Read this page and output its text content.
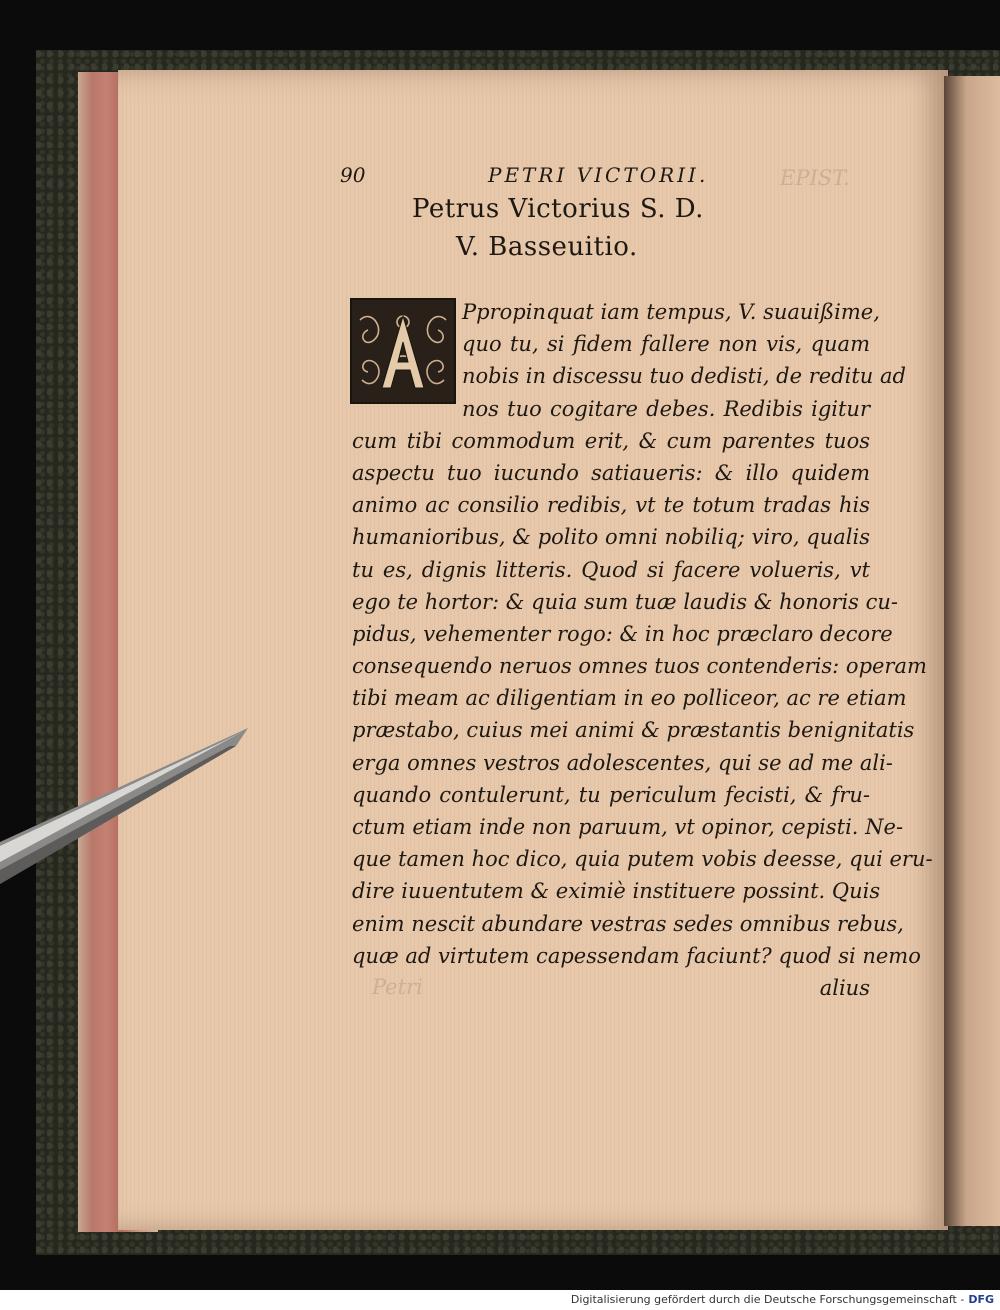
EPIST.
Petri
90	PETRI VICTORII.
Petrus Victorius S. D.
V. Basseuitio.
Ppropinquat iam tempus, V. suauißime,
quo tu, si fidem fallere non vis, quam
nobis in discessu tuo dedisti, de reditu ad
nos tuo cogitare debes. Redibis igitur
cum tibi commodum erit, & cum parentes tuos
aspectu tuo iucundo satiaueris: & illo quidem
animo ac consilio redibis, vt te totum tradas his
humanioribus, & polito omni nobiliq; viro, qualis
tu es, dignis litteris. Quod si facere volueris, vt
ego te hortor: & quia sum tuæ laudis & honoris cu-
pidus, vehementer rogo: & in hoc præclaro decore
consequendo neruos omnes tuos contenderis: operam
tibi meam ac diligentiam in eo polliceor, ac re etiam
præstabo, cuius mei animi & præstantis benignitatis
erga omnes vestros adolescentes, qui se ad me ali-
quando contulerunt, tu periculum fecisti, & fru-
ctum etiam inde non paruum, vt opinor, cepisti. Ne-
que tamen hoc dico, quia putem vobis deesse, qui eru-
dire iuuentutem & eximiè instituere possint. Quis
enim nescit abundare vestras sedes omnibus rebus,
quæ ad virtutem capessendam faciunt? quod si nemo
alius
Digitalisierung gefördert durch die Deutsche Forschungsgemeinschaft - DFG
